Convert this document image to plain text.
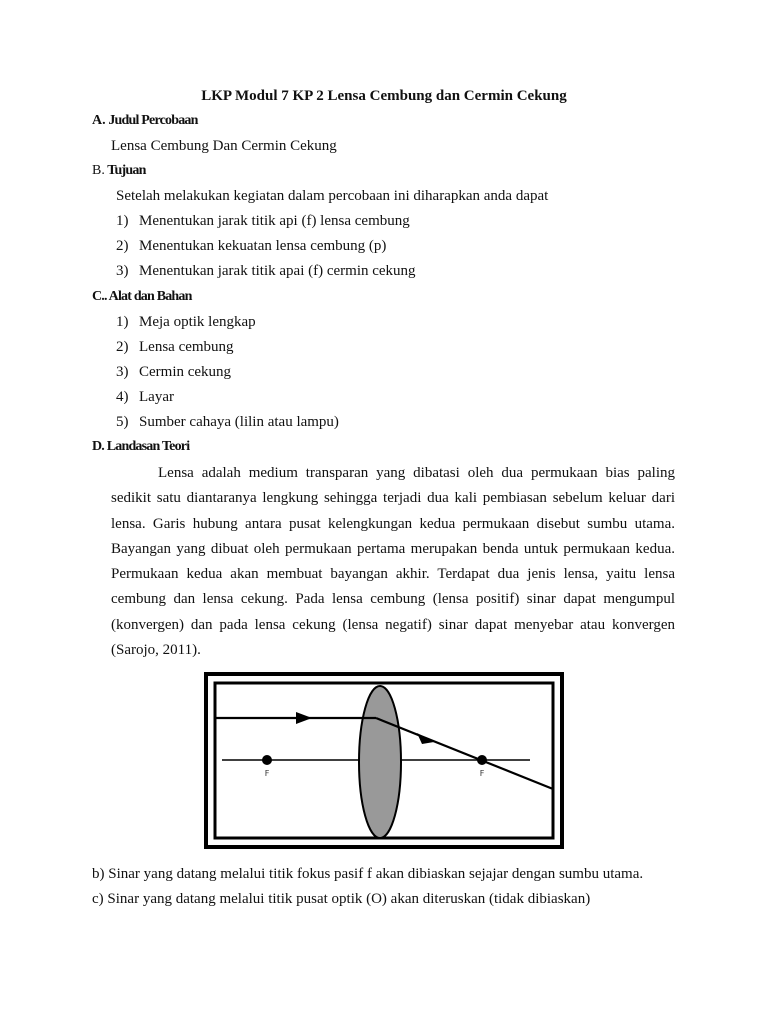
LKP Modul 7 KP 2 Lensa Cembung dan Cermin Cekung
A. Judul Percobaan
Lensa Cembung Dan Cermin Cekung
B. Tujuan
Setelah melakukan kegiatan dalam percobaan ini diharapkan anda dapat
1) Menentukan jarak titik api (f) lensa cembung
2) Menentukan kekuatan lensa cembung (p)
3) Menentukan jarak titik apai (f) cermin cekung
C.. Alat dan Bahan
1) Meja optik lengkap
2) Lensa cembung
3) Cermin cekung
4) Layar
5) Sumber cahaya (lilin atau lampu)
D. Landasan Teori

Lensa adalah medium transparan yang dibatasi oleh dua permukaan bias paling sedikit satu diantaranya lengkung sehingga terjadi dua kali pembiasan sebelum keluar dari lensa. Garis hubung antara pusat kelengkungan kedua permukaan disebut sumbu utama. Bayangan yang dibuat oleh permukaan pertama merupakan benda untuk permukaan kedua. Permukaan kedua akan membuat bayangan akhir. Terdapat dua jenis lensa, yaitu lensa cembung dan lensa cekung. Pada lensa cembung (lensa positif) sinar dapat mengumpul (konvergen) dan pada lensa cekung (lensa negatif) sinar dapat menyebar atau konvergen (Sarojo, 2011).

F	F
b) Sinar yang datang melalui titik fokus pasif f akan dibiaskan sejajar dengan sumbu utama.
c) Sinar yang datang melalui titik pusat optik (O) akan diteruskan (tidak dibiaskan)
